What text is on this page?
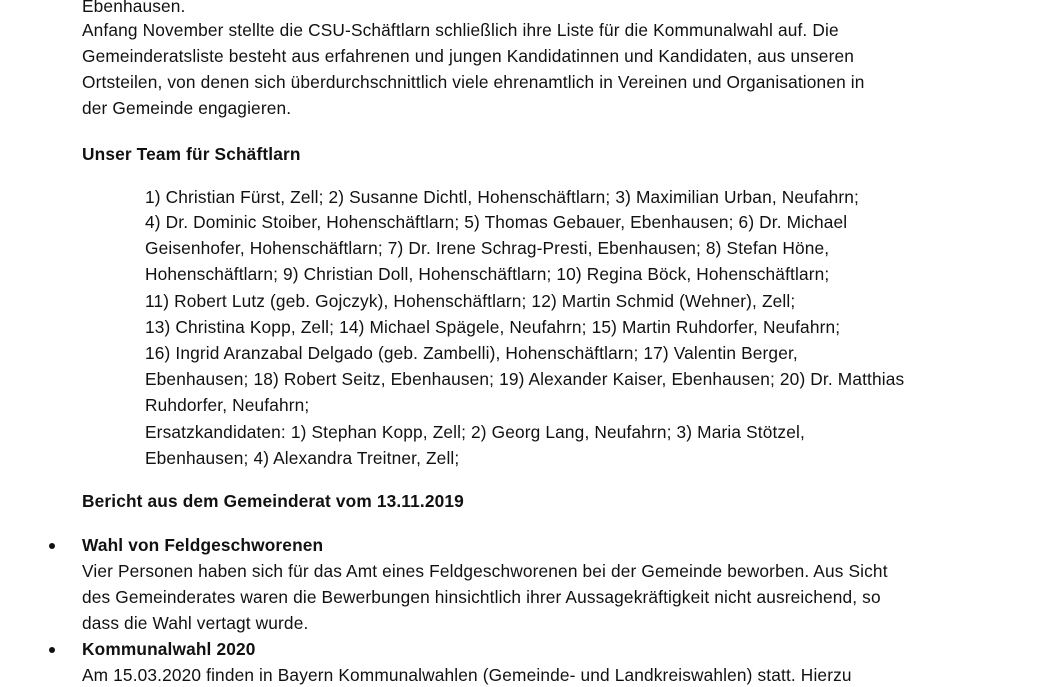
Ebenhausen.
Anfang November stellte die CSU-Schäftlarn schließlich ihre Liste für die Kommunalwahl auf. Die
Gemeinderatsliste besteht aus erfahrenen und jungen Kandidatinnen und Kandidaten, aus unseren
Ortsteilen, von denen sich überdurchschnittlich viele ehrenamtlich in Vereinen und Organisationen in
der Gemeinde engagieren.
Unser Team für Schäftlarn
1) Christian Fürst, Zell; 2) Susanne Dichtl, Hohenschäftlarn; 3) Maximilian Urban, Neufahrn;
4) Dr. Dominic Stoiber, Hohenschäftlarn; 5) Thomas Gebauer, Ebenhausen; 6) Dr. Michael
Geisenhofer, Hohenschäftlarn; 7) Dr. Irene Schrag-Presti, Ebenhausen; 8) Stefan Höne,
Hohenschäftlarn; 9) Christian Doll, Hohenschäftlarn; 10) Regina Böck, Hohenschäftlarn;
11) Robert Lutz (geb. Gojczyk), Hohenschäftlarn; 12) Martin Schmid (Wehner), Zell;
13) Christina Kopp, Zell; 14) Michael Spägele, Neufahrn; 15) Martin Ruhdorfer, Neufahrn;
16) Ingrid Aranzabal Delgado (geb. Zambelli), Hohenschäftlarn; 17) Valentin Berger,
Ebenhausen; 18) Robert Seitz, Ebenhausen; 19) Alexander Kaiser, Ebenhausen; 20) Dr. Matthias
Ruhdorfer, Neufahrn;
Ersatzkandidaten: 1) Stephan Kopp, Zell; 2) Georg Lang, Neufahrn; 3) Maria Stötzel,
Ebenhausen; 4) Alexandra Treitner, Zell;
Bericht aus dem Gemeinderat vom 13.11.2019
Wahl von Feldgeschworenen
Vier Personen haben sich für das Amt eines Feldgeschworenen bei der Gemeinde beworben. Aus Sicht
des Gemeinderates waren die Bewerbungen hinsichtlich ihrer Aussagekräftigkeit nicht ausreichend, so
dass die Wahl vertagt wurde.
Kommunalwahl 2020
Am 15.03.2020 finden in Bayern Kommunalwahlen (Gemeinde- und Landkreiswahlen) statt. Hierzu
